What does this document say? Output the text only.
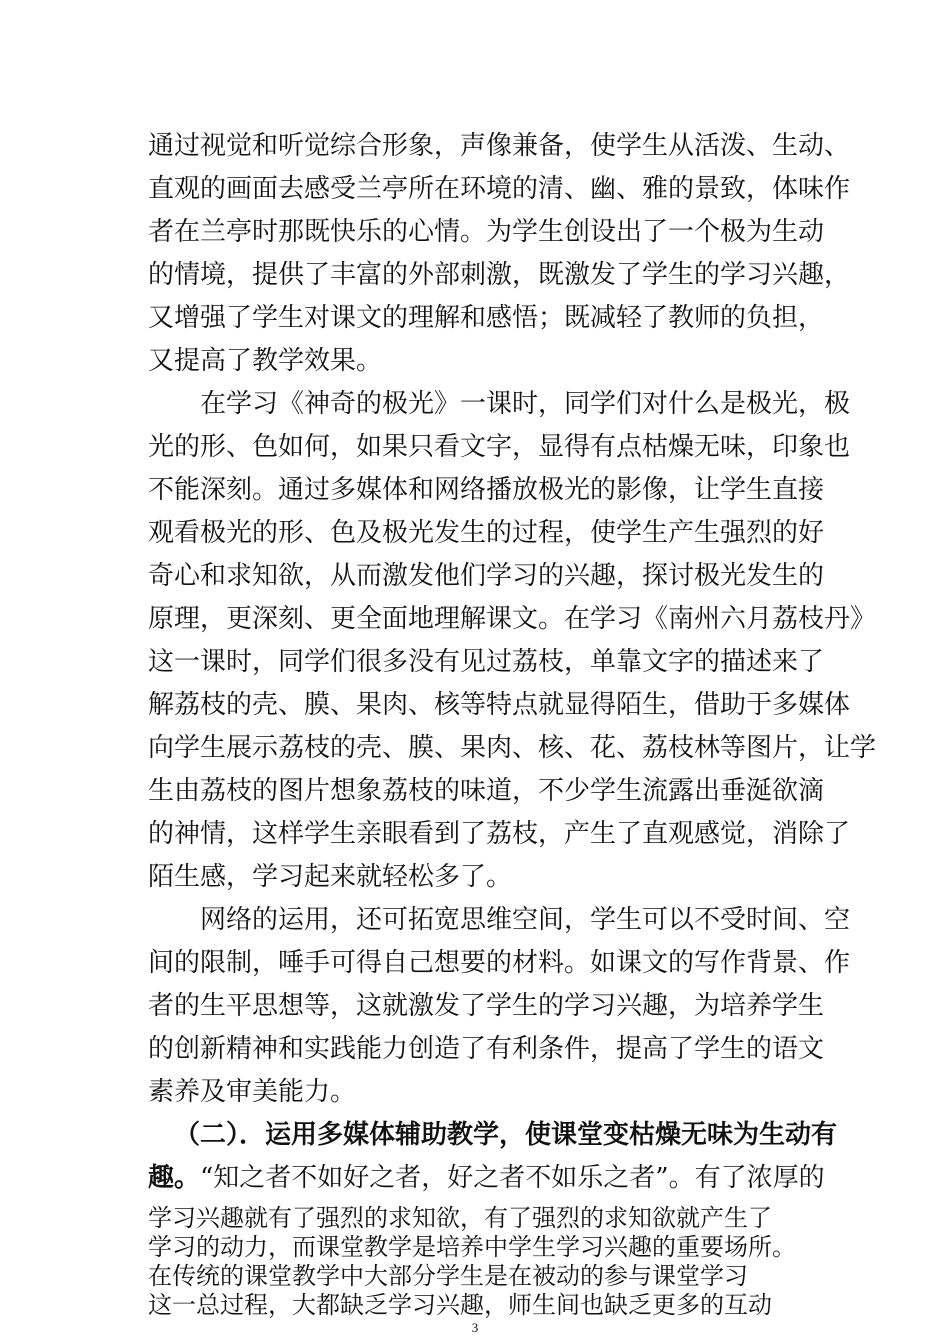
通过视觉和听觉综合形象，声像兼备，使学生从活泼、生动、
直观的画面去感受兰亭所在环境的清、幽、雅的景致，体味作
者在兰亭时那既快乐的心情。为学生创设出了一个极为生动
的情境，提供了丰富的外部刺激，既激发了学生的学习兴趣，
又增强了学生对课文的理解和感悟；既减轻了教师的负担，
又提高了教学效果。
在学习《神奇的极光》一课时，同学们对什么是极光，极
光的形、色如何，如果只看文字，显得有点枯燥无味，印象也
不能深刻。通过多媒体和网络播放极光的影像，让学生直接
观看极光的形、色及极光发生的过程，使学生产生强烈的好
奇心和求知欲，从而激发他们学习的兴趣，探讨极光发生的
原理，更深刻、更全面地理解课文。在学习《南州六月荔枝丹》
这一课时，同学们很多没有见过荔枝，单靠文字的描述来了
解荔枝的壳、膜、果肉、核等特点就显得陌生，借助于多媒体
向学生展示荔枝的壳、膜、果肉、核、花、荔枝林等图片，让学
生由荔枝的图片想象荔枝的味道，不少学生流露出垂涎欲滴
的神情，这样学生亲眼看到了荔枝，产生了直观感觉，消除了
陌生感，学习起来就轻松多了。
网络的运用，还可拓宽思维空间，学生可以不受时间、空
间的限制，唾手可得自己想要的材料。如课文的写作背景、作
者的生平思想等，这就激发了学生的学习兴趣，为培养学生
的创新精神和实践能力创造了有利条件，提高了学生的语文
素养及审美能力。
（二）．运用多媒体辅助教学，使课堂变枯燥无味为生动有
趣。“知之者不如好之者，好之者不如乐之者”。有了浓厚的
学习兴趣就有了强烈的求知欲，有了强烈的求知欲就产生了
学习的动力，而课堂教学是培养中学生学习兴趣的重要场所。
在传统的课堂教学中大部分学生是在被动的参与课堂学习
这一总过程，大都缺乏学习兴趣，师生间也缺乏更多的互动
3
